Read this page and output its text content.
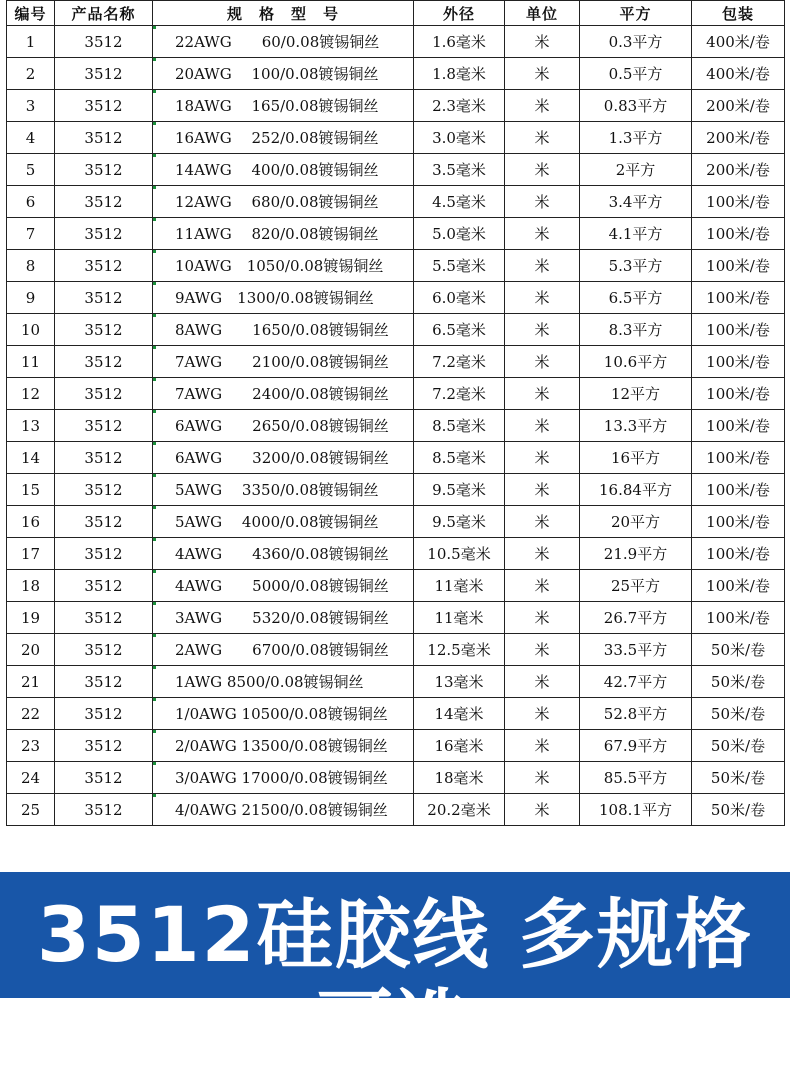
编号	产品名称	规　格　型　号	外径	单位	平方	包装
1	3512	22AWG　　60/0.08镀锡铜丝	1.6毫米	米	0.3平方	400米/卷
2	3512	20AWG　 100/0.08镀锡铜丝	1.8毫米	米	0.5平方	400米/卷
3	3512	18AWG　 165/0.08镀锡铜丝	2.3毫米	米	0.83平方	200米/卷
4	3512	16AWG　 252/0.08镀锡铜丝	3.0毫米	米	1.3平方	200米/卷
5	3512	14AWG　 400/0.08镀锡铜丝	3.5毫米	米	2平方	200米/卷
6	3512	12AWG　 680/0.08镀锡铜丝	4.5毫米	米	3.4平方	100米/卷
7	3512	11AWG　 820/0.08镀锡铜丝	5.0毫米	米	4.1平方	100米/卷
8	3512	10AWG　1050/0.08镀锡铜丝	5.5毫米	米	5.3平方	100米/卷
9	3512	9AWG　1300/0.08镀锡铜丝	6.0毫米	米	6.5平方	100米/卷
10	3512	8AWG　　1650/0.08镀锡铜丝	6.5毫米	米	8.3平方	100米/卷
11	3512	7AWG　　2100/0.08镀锡铜丝	7.2毫米	米	10.6平方	100米/卷
12	3512	7AWG　　2400/0.08镀锡铜丝	7.2毫米	米	12平方	100米/卷
13	3512	6AWG　　2650/0.08镀锡铜丝	8.5毫米	米	13.3平方	100米/卷
14	3512	6AWG　　3200/0.08镀锡铜丝	8.5毫米	米	16平方	100米/卷
15	3512	5AWG　 3350/0.08镀锡铜丝	9.5毫米	米	16.84平方	100米/卷
16	3512	5AWG　 4000/0.08镀锡铜丝	9.5毫米	米	20平方	100米/卷
17	3512	4AWG　　4360/0.08镀锡铜丝	10.5毫米	米	21.9平方	100米/卷
18	3512	4AWG　　5000/0.08镀锡铜丝	11毫米	米	25平方	100米/卷
19	3512	3AWG　　5320/0.08镀锡铜丝	11毫米	米	26.7平方	100米/卷
20	3512	2AWG　　6700/0.08镀锡铜丝	12.5毫米	米	33.5平方	50米/卷
21	3512	1AWG 8500/0.08镀锡铜丝	13毫米	米	42.7平方	50米/卷
22	3512	1/0AWG 10500/0.08镀锡铜丝	14毫米	米	52.8平方	50米/卷
23	3512	2/0AWG 13500/0.08镀锡铜丝	16毫米	米	67.9平方	50米/卷
24	3512	3/0AWG 17000/0.08镀锡铜丝	18毫米	米	85.5平方	50米/卷
25	3512	4/0AWG 21500/0.08镀锡铜丝	20.2毫米	米	108.1平方	50米/卷
3512硅胶线 多规格可选
